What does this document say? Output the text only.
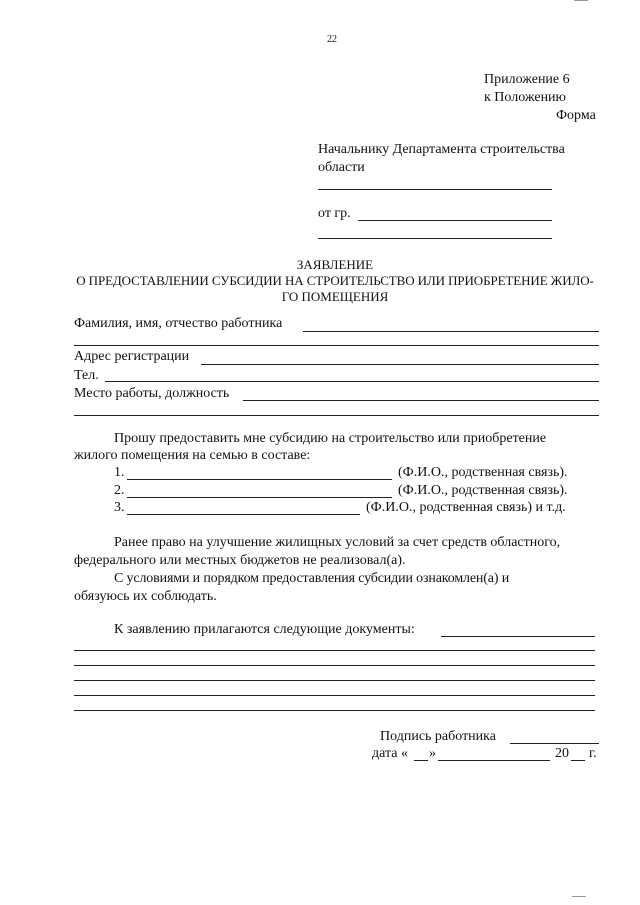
22
Приложение 6
к Положению
Форма
Начальнику Департамента строительства
области
от гр.
ЗАЯВЛЕНИЕ
О ПРЕДОСТАВЛЕНИИ СУБСИДИИ НА СТРОИТЕЛЬСТВО ИЛИ ПРИОБРЕТЕНИЕ ЖИЛО-
ГО ПОМЕЩЕНИЯ
Фамилия, имя, отчество работника
Адрес регистрации
Тел.
Место работы, должность
Прошу предоставить мне субсидию на строительство или приобретение
жилого помещения на семью в составе:
1.	(Ф.И.О., родственная связь).
2.	(Ф.И.О., родственная связь).
3.	(Ф.И.О., родственная связь) и т.д.
Ранее право на улучшение жилищных условий за счет средств областного,
федерального или местных бюджетов не реализовал(а).
С условиями и порядком предоставления субсидии ознакомлен(а) и
обязуюсь их соблюдать.
К заявлению прилагаются следующие документы:
Подпись работника
дата « »	20 г.
